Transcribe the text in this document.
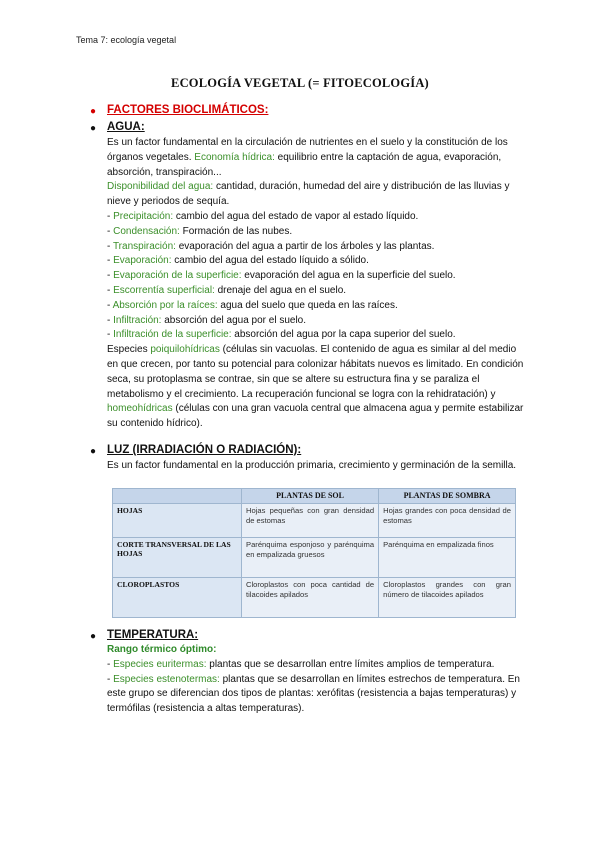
Tema 7: ecología vegetal
ECOLOGÍA VEGETAL (= FITOECOLOGÍA)
● FACTORES BIOCLIMÁTICOS:
● AGUA:

Es un factor fundamental en la circulación de nutrientes en el suelo y la constitución de los órganos vegetales. Economía hídrica: equilibrio entre la captación de agua, evaporación, absorción, transpiración...

Disponibilidad del agua: cantidad, duración, humedad del aire y distribución de las lluvias y nieve y periodos de sequía.

- Precipitación: cambio del agua del estado de vapor al estado líquido.

- Condensación: Formación de las nubes.

- Transpiración: evaporación del agua a partir de los árboles y las plantas.

- Evaporación: cambio del agua del estado líquido a sólido.

- Evaporación de la superficie: evaporación del agua en la superficie del suelo.

- Escorrentía superficial: drenaje del agua en el suelo.

- Absorción por la raíces: agua del suelo que queda en las raíces.

- Infiltración: absorción del agua por el suelo.

- Infiltración de la superficie: absorción del agua por la capa superior del suelo.

Especies poiquilohídricas (células sin vacuolas. El contenido de agua es similar al del medio en que crecen, por tanto su potencial para colonizar hábitats nuevos es limitado. En condición seca, su protoplasma se contrae, sin que se altere su estructura fina y se paraliza el metabolismo y el crecimiento. La recuperación funcional se logra con la rehidratación) y homeohídricas (células con una gran vacuola central que almacena agua y permite estabilizar su contenido hídrico).

● LUZ (IRRADIACIÓN O RADIACIÓN):

Es un factor fundamental en la producción primaria, crecimiento y germinación de la semilla.

	PLANTAS DE SOL	PLANTAS DE SOMBRA
HOJAS	Hojas pequeñas con gran densidad de estomas	Hojas grandes con poca densidad de estomas
CORTE TRANSVERSAL DE LAS HOJAS	Parénquima esponjoso y parénquima en empalizada gruesos	Parénquima en empalizada finos
CLOROPLASTOS	Cloroplastos con poca cantidad de tilacoides apilados	Cloroplastos grandes con gran número de tilacoides apilados
● TEMPERATURA:

Rango térmico óptimo:

- Especies euritermas: plantas que se desarrollan entre límites amplios de temperatura.

- Especies estenotermas: plantas que se desarrollan en límites estrechos de temperatura. En este grupo se diferencian dos tipos de plantas: xerófitas (resistencia a bajas temperaturas) y termófilas (resistencia a altas temperaturas).
